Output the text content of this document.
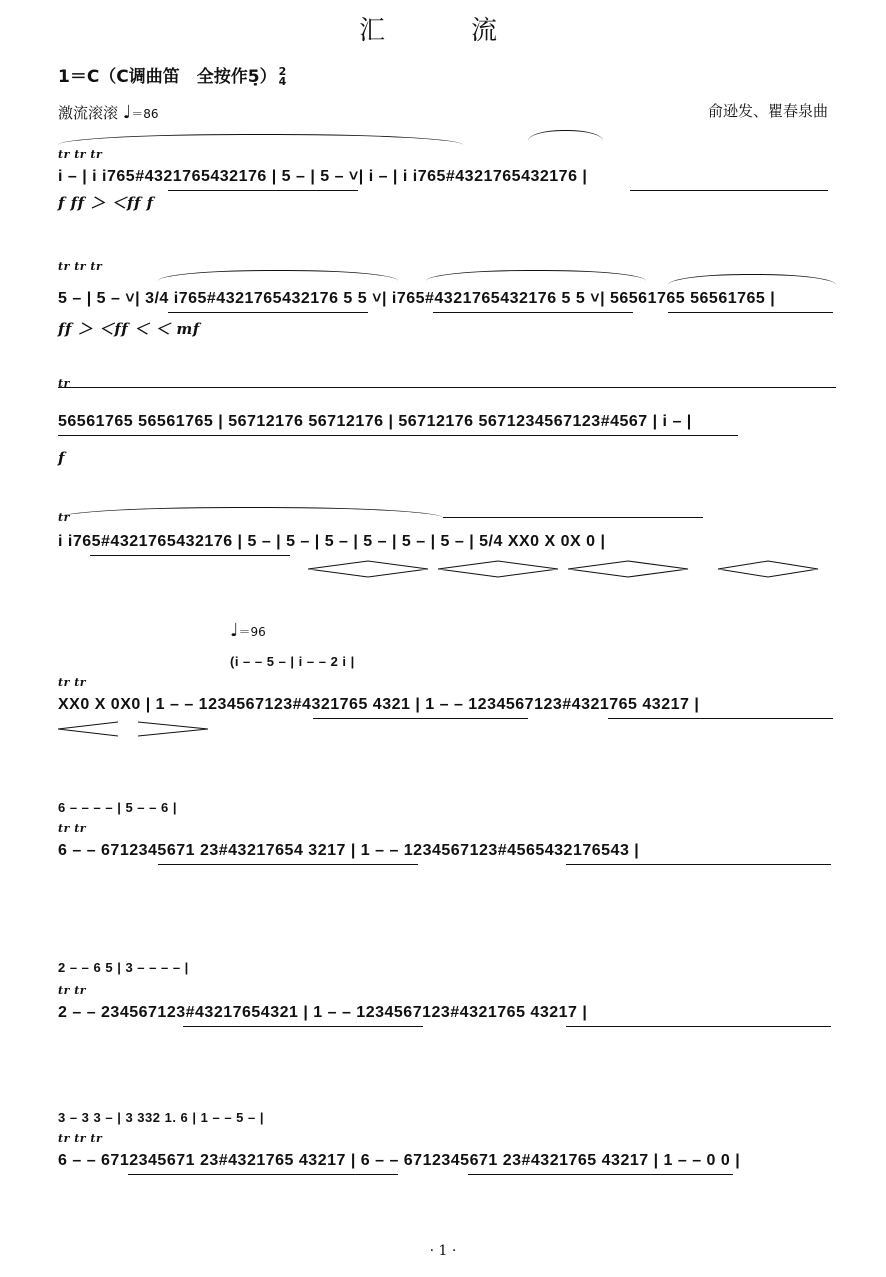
汇　流
1＝C（C调曲笛　全按作5̣） 2
4
激流滚滚 ♩＝86	俞逊发、瞿春泉曲
tr tr tr
i – | i i765#4321765432176 | 5 – | 5 – ˅| i – | i i765#4321765432176 |
f ff ＞ ＜ff f
tr tr tr
5 – | 5 – ˅| 3/4 i765#4321765432176 5 5 ˅| i765#4321765432176 5 5 ˅| 56561765 56561765 |
ff ＞ ＜ff ＜ ＜ mf
tr
56561765 56561765 | 56712176 56712176 | 56712176 5671234567123#4567 | i – |
f
tr
i i765#4321765432176 | 5 – | 5 – | 5 – | 5 – | 5 – | 5 – | 5/4 XX0 X 0X 0 |
♩＝96
(i – – 5 – | i – – 2 i |
tr tr
XX0 X 0X0 | 1 – – 1234567123#4321765 4321 | 1 – – 1234567123#4321765 43217 |
6 – – – – | 5 – – 6 |
tr tr
6 – – 6712345671 23#43217654 3217 | 1 – – 1234567123#4565432176543 |
2 – – 6 5 | 3 – – – – |
tr tr
2 – – 234567123#43217654321 | 1 – – 1234567123#4321765 43217 |
3 – 3 3 – | 3 332 1. 6 | 1 – – 5 – |
tr tr tr
6 – – 6712345671 23#4321765 43217 | 6 – – 6712345671 23#4321765 43217 | 1 – – 0 0 |
· 1 ·
